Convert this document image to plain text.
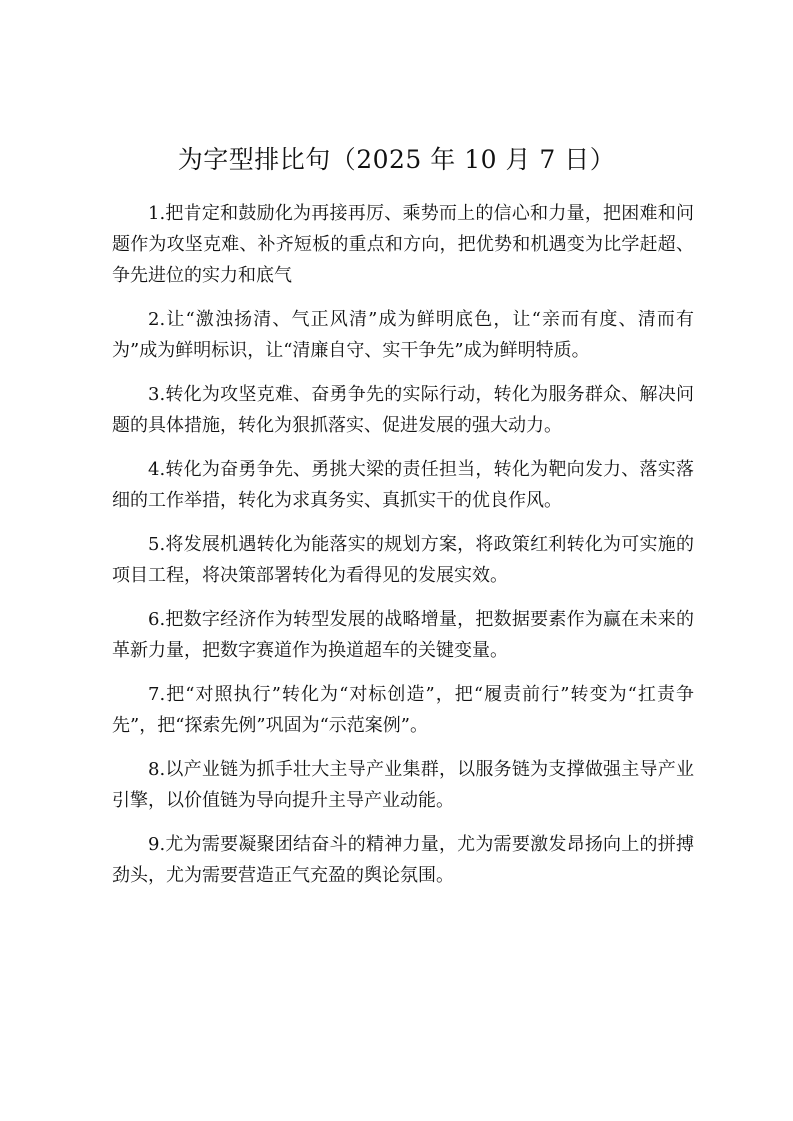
为字型排比句（2025 年 10 月 7 日）

1.把肯定和鼓励化为再接再厉、乘势而上的信心和力量，把困难和问题作为攻坚克难、补齐短板的重点和方向，把优势和机遇变为比学赶超、争先进位的实力和底气

2.让“激浊扬清、气正风清”成为鲜明底色，让“亲而有度、清而有为”成为鲜明标识，让“清廉自守、实干争先”成为鲜明特质。

3.转化为攻坚克难、奋勇争先的实际行动，转化为服务群众、解决问题的具体措施，转化为狠抓落实、促进发展的强大动力。

4.转化为奋勇争先、勇挑大梁的责任担当，转化为靶向发力、落实落细的工作举措，转化为求真务实、真抓实干的优良作风。

5.将发展机遇转化为能落实的规划方案，将政策红利转化为可实施的项目工程，将决策部署转化为看得见的发展实效。

6.把数字经济作为转型发展的战略增量，把数据要素作为赢在未来的革新力量，把数字赛道作为换道超车的关键变量。

7.把“对照执行”转化为“对标创造”，把“履责前行”转变为“扛责争先”，把“探索先例”巩固为“示范案例”。

8.以产业链为抓手壮大主导产业集群，以服务链为支撑做强主导产业引擎，以价值链为导向提升主导产业动能。

9.尤为需要凝聚团结奋斗的精神力量，尤为需要激发昂扬向上的拼搏劲头，尤为需要营造正气充盈的舆论氛围。
